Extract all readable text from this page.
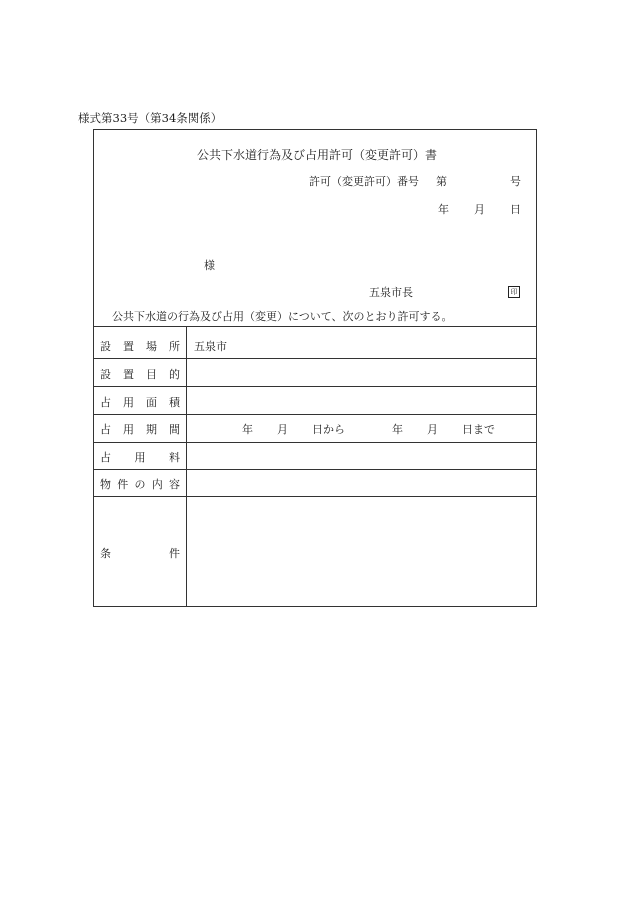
様式第33号（第34条関係）
公共下水道行為及び占用許可（変更許可）書
許可（変更許可）番号 第	号
年 月 日
様
五泉市長	印
公共下水道の行為及び占用（変更）について、次のとおり許可する。
設 置 場 所 五泉市
設 置 目 的
占 用 面 積
占 用 期 間	年 月 日から	年 月 日まで
占 用 料
物 件 の 内 容
条	件
